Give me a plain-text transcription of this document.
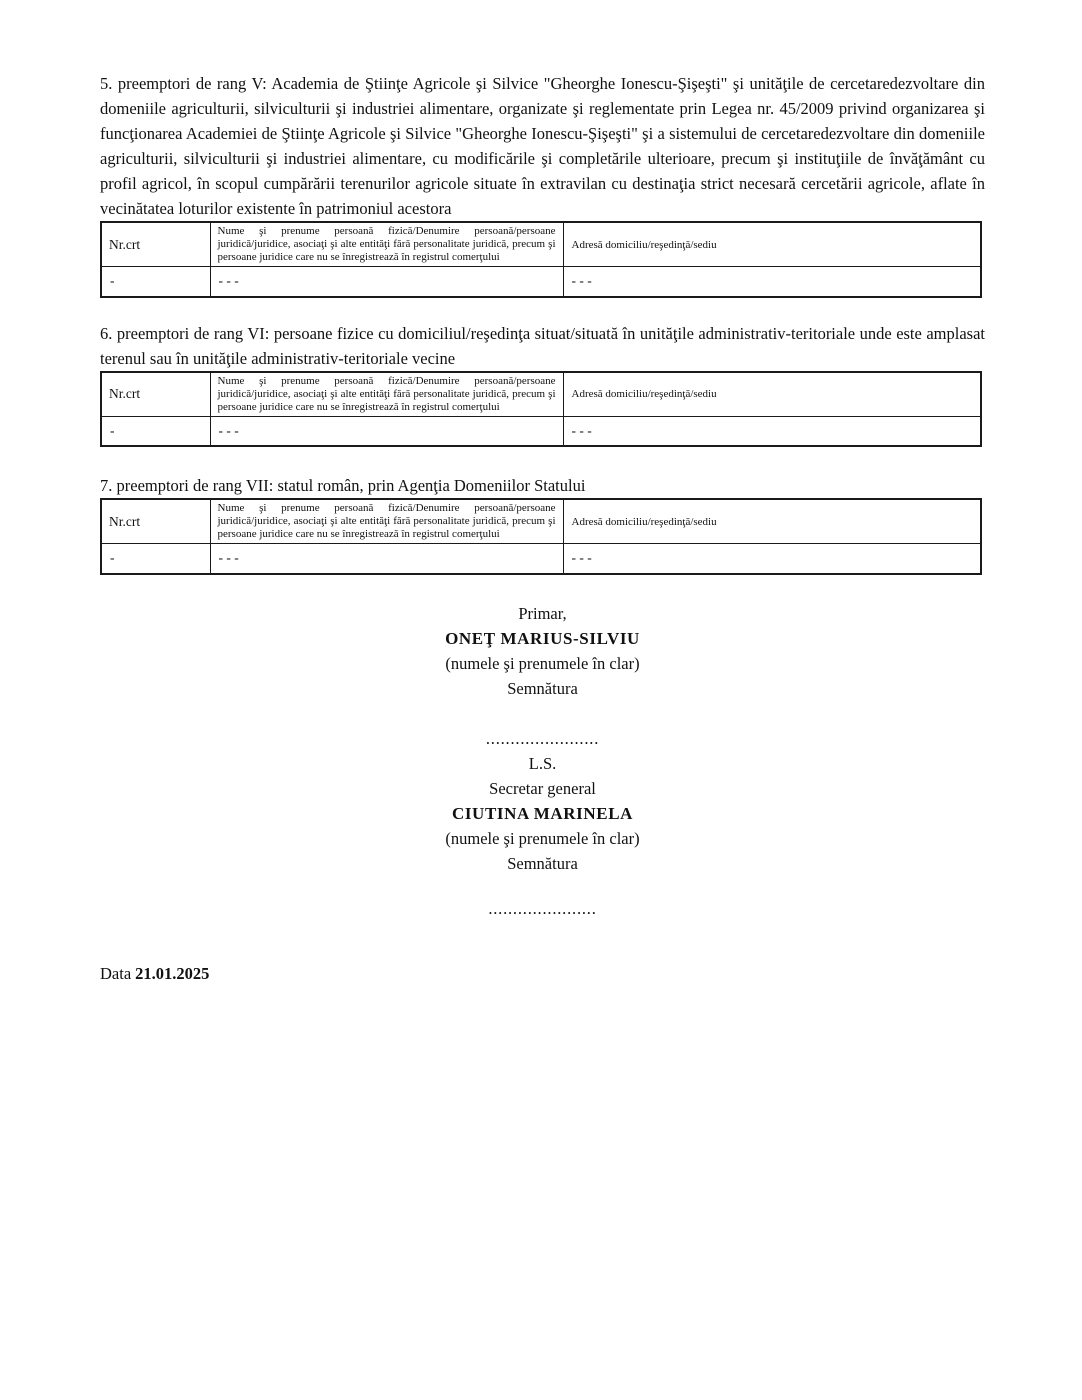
5. preemptori de rang V: Academia de Ştiinţe Agricole şi Silvice "Gheorghe Ionescu-Şişeşti" şi unităţile de cercetaredezvoltare din domeniile agriculturii, silviculturii şi industriei alimentare, organizate şi reglementate prin Legea nr. 45/2009 privind organizarea şi funcţionarea Academiei de Ştiinţe Agricole şi Silvice "Gheorghe Ionescu-Şişeşti" şi a sistemului de cercetaredezvoltare din domeniile agriculturii, silviculturii şi industriei alimentare, cu modificările şi completările ulterioare, precum şi instituţiile de învăţământ cu profil agricol, în scopul cumpărării terenurilor agricole situate în extravilan cu destinaţia strict necesară cercetării agricole, aflate în vecinătatea loturilor existente în patrimoniul acestora

Nr.crt	Nume şi prenume persoană fizică/Denumire persoană/persoane juridică/juridice, asociaţi şi alte entităţi fără personalitate juridică, precum şi persoane juridice care nu se înregistrează în registrul comerţului	Adresă domiciliu/reşedinţă/sediu
-	- - -	- - -

6. preemptori de rang VI: persoane fizice cu domiciliul/reşedinţa situat/situată în unităţile administrativ-teritoriale unde este amplasat terenul sau în unităţile administrativ-teritoriale vecine

Nr.crt	Nume şi prenume persoană fizică/Denumire persoană/persoane juridică/juridice, asociaţi şi alte entităţi fără personalitate juridică, precum şi persoane juridice care nu se înregistrează în registrul comerţului	Adresă domiciliu/reşedinţă/sediu
-	- - -	- - -

7. preemptori de rang VII: statul român, prin Agenţia Domeniilor Statului

Nr.crt	Nume şi prenume persoană fizică/Denumire persoană/persoane juridică/juridice, asociaţi şi alte entităţi fără personalitate juridică, precum şi persoane juridice care nu se înregistrează în registrul comerţului	Adresă domiciliu/reşedinţă/sediu
-	- - -	- - -
Primar,
ONEŢ MARIUS-SILVIU
(numele şi prenumele în clar)
Semnătura
.......................
L.S.
Secretar general
CIUTINA MARINELA
(numele şi prenumele în clar)
Semnătura
......................
Data 21.01.2025
